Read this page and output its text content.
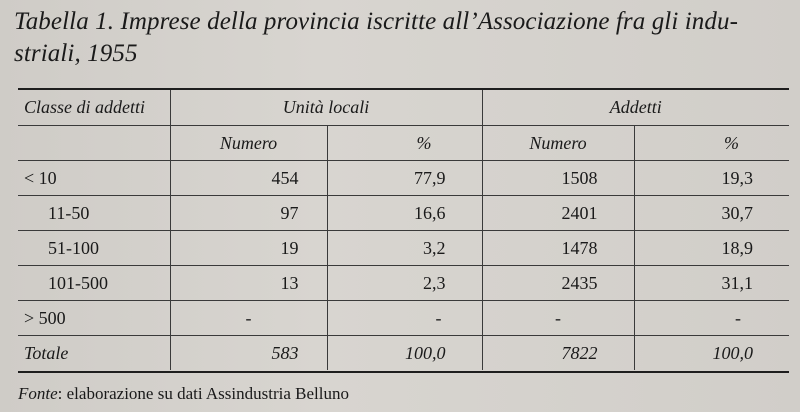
Tabella 1. Imprese della provincia iscritte all’Associazione fra gli indu-
striali, 1955
Classe di addetti	Unità locali		Addetti	
	Numero	%	Numero	%
< 10	454	77,9	1508	19,3
11-50	97	16,6	2401	30,7
51-100	19	3,2	1478	18,9
101-500	13	2,3	2435	31,1
> 500	-	-	-	-
Totale	583	100,0	7822	100,0
Fonte: elaborazione su dati Assindustria Belluno
